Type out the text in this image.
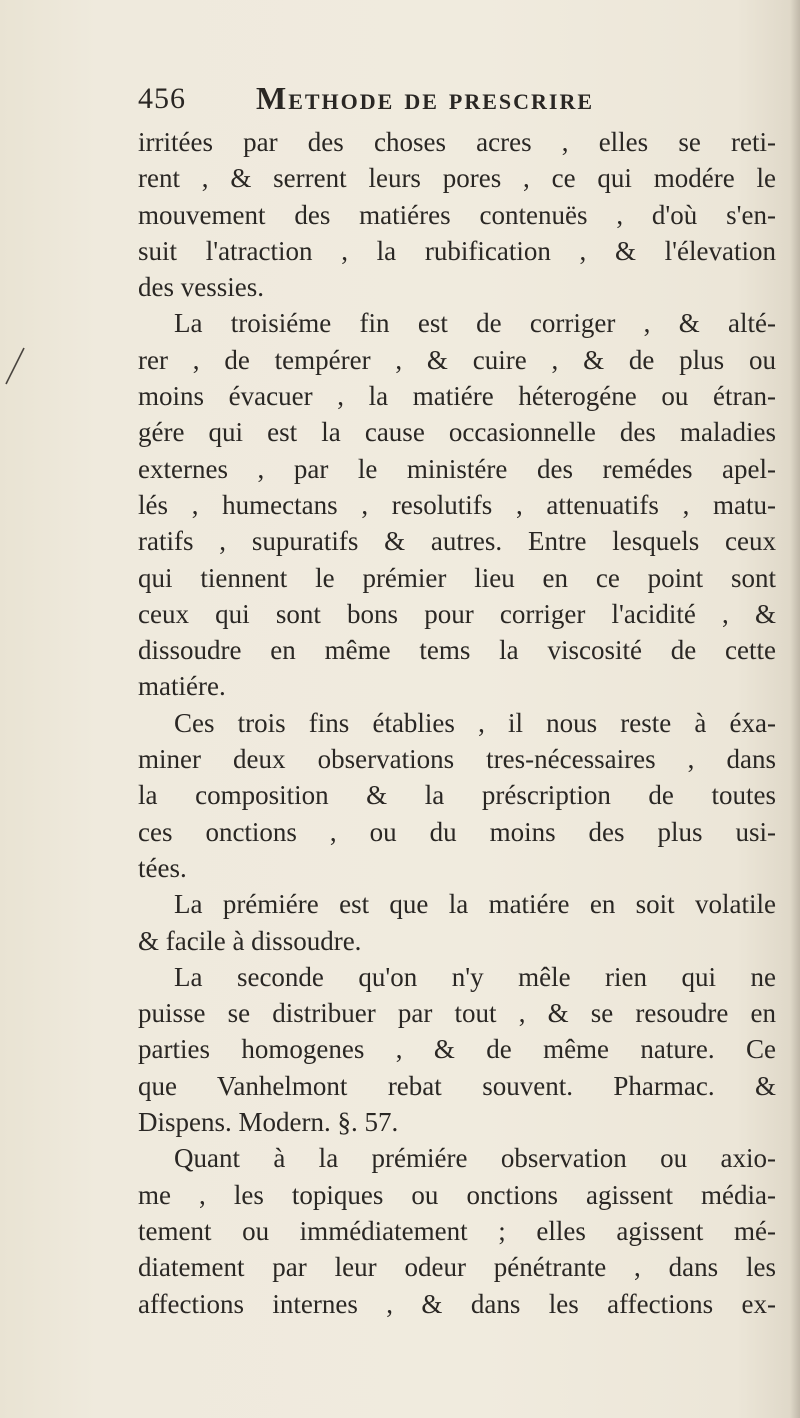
456 Methode de prescrire
irritées par des choses acres , elles se reti-
rent , & serrent leurs pores , ce qui modére le
mouvement des matiéres contenuës , d'où s'en-
suit l'atraction , la rubification , & l'élevation
des vessies.
La troisiéme fin est de corriger , & alté-
rer , de tempérer , & cuire , & de plus ou
moins évacuer , la matiére héterogéne ou étran-
gére qui est la cause occasionnelle des maladies
externes , par le ministére des remédes apel-
lés , humectans , resolutifs , attenuatifs , matu-
ratifs , supuratifs & autres. Entre lesquels ceux
qui tiennent le prémier lieu en ce point sont
ceux qui sont bons pour corriger l'acidité , &
dissoudre en même tems la viscosité de cette
matiére.
Ces trois fins établies , il nous reste à éxa-
miner deux observations tres-nécessaires , dans
la composition & la préscription de toutes
ces onctions , ou du moins des plus usi-
tées.
La prémiére est que la matiére en soit volatile
& facile à dissoudre.
La seconde qu'on n'y mêle rien qui ne
puisse se distribuer par tout , & se resoudre en
parties homogenes , & de même nature. Ce
que Vanhelmont rebat souvent. Pharmac. &
Dispens. Modern. §. 57.
Quant à la prémiére observation ou axio-
me , les topiques ou onctions agissent média-
tement ou immédiatement ; elles agissent mé-
diatement par leur odeur pénétrante , dans les
affections internes , & dans les affections ex-
